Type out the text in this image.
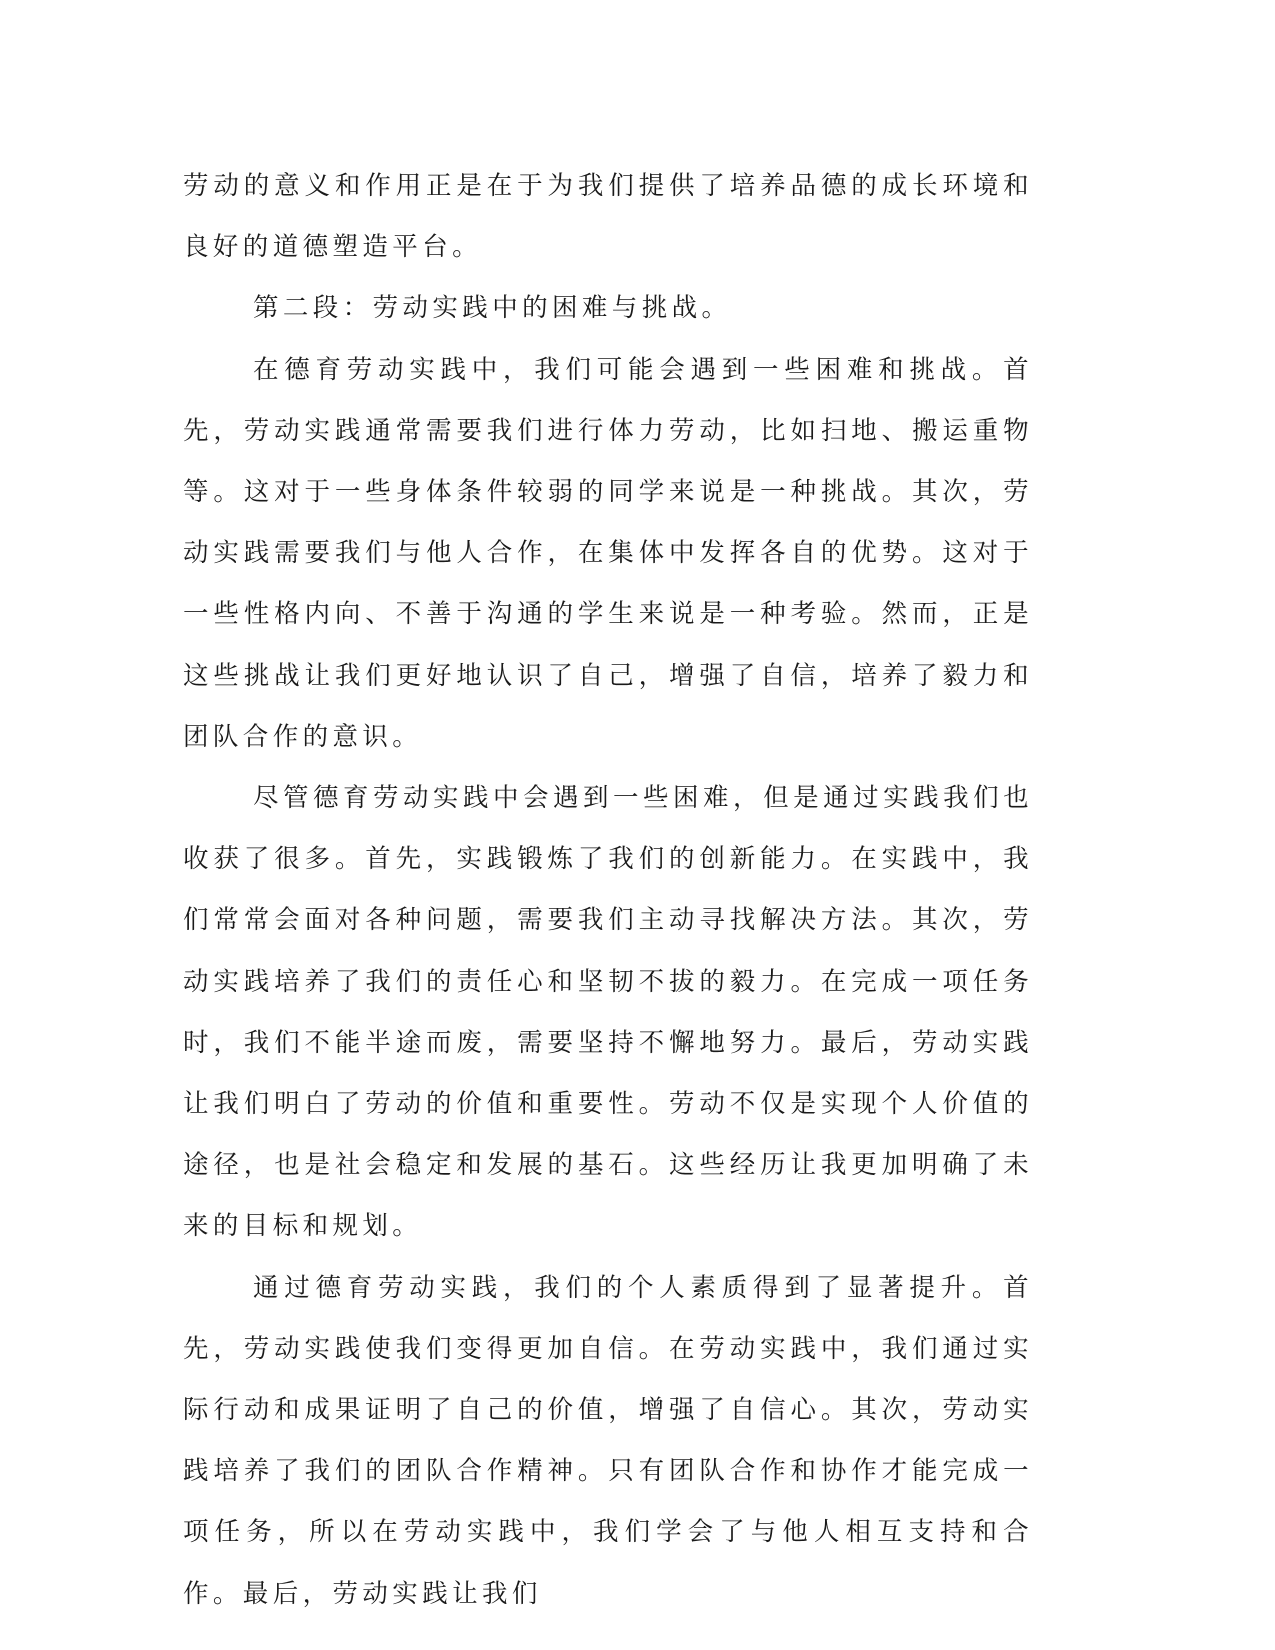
劳动的意义和作用正是在于为我们提供了培养品德的成长环境和良好的道德塑造平台。

第二段：劳动实践中的困难与挑战。

在德育劳动实践中，我们可能会遇到一些困难和挑战。首先，劳动实践通常需要我们进行体力劳动，比如扫地、搬运重物等。这对于一些身体条件较弱的同学来说是一种挑战。其次，劳动实践需要我们与他人合作，在集体中发挥各自的优势。这对于一些性格内向、不善于沟通的学生来说是一种考验。然而，正是这些挑战让我们更好地认识了自己，增强了自信，培养了毅力和团队合作的意识。

尽管德育劳动实践中会遇到一些困难，但是通过实践我们也收获了很多。首先，实践锻炼了我们的创新能力。在实践中，我们常常会面对各种问题，需要我们主动寻找解决方法。其次，劳动实践培养了我们的责任心和坚韧不拔的毅力。在完成一项任务时，我们不能半途而废，需要坚持不懈地努力。最后，劳动实践让我们明白了劳动的价值和重要性。劳动不仅是实现个人价值的途径，也是社会稳定和发展的基石。这些经历让我更加明确了未来的目标和规划。

通过德育劳动实践，我们的个人素质得到了显著提升。首先，劳动实践使我们变得更加自信。在劳动实践中，我们通过实际行动和成果证明了自己的价值，增强了自信心。其次，劳动实践培养了我们的团队合作精神。只有团队合作和协作才能完成一项任务，所以在劳动实践中，我们学会了与他人相互支持和合作。最后，劳动实践让我们
